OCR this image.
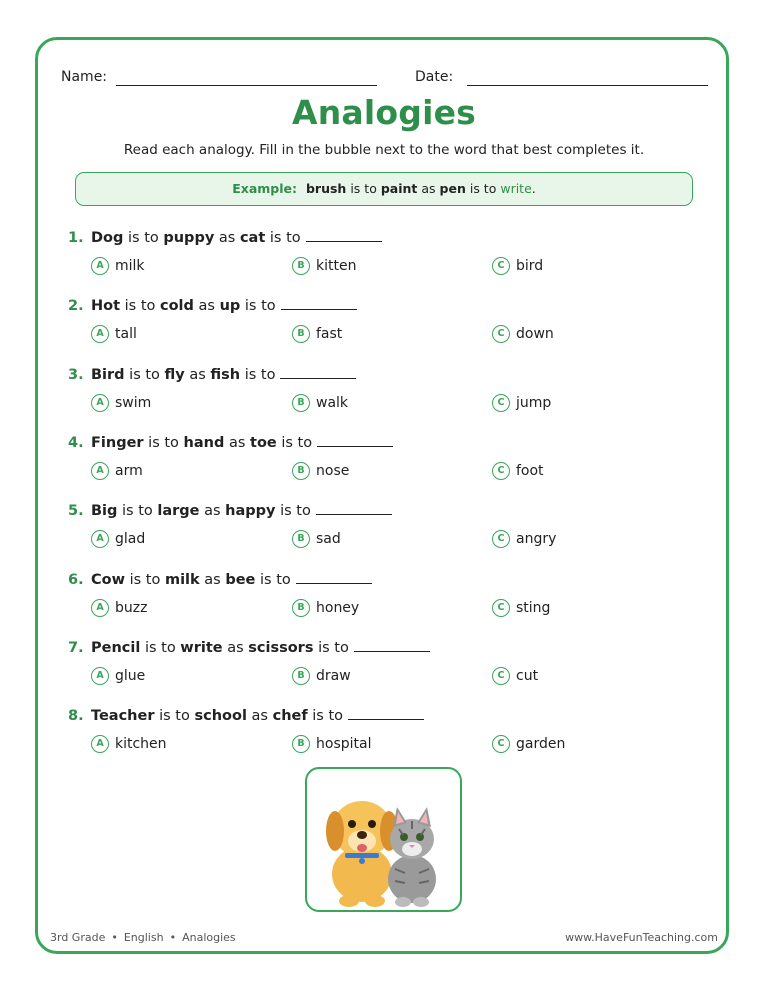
Name:	Date:
Analogies
Read each analogy. Fill in the bubble next to the word that best completes it.
Example: brush is to paint as pen is to write.
1. Dog is to puppy as cat is to
A milk	B kitten	C bird
2. Hot is to cold as up is to
A tall	B fast	C down
3. Bird is to fly as fish is to
A swim	B walk	C jump
4. Finger is to hand as toe is to
A arm	B nose	C foot
5. Big is to large as happy is to
A glad	B sad	C angry
6. Cow is to milk as bee is to
A buzz	B honey	C sting
7. Pencil is to write as scissors is to
A glue	B draw	C cut
8. Teacher is to school as chef is to
A kitchen	B hospital	C garden
3rd Grade • English • Analogies	www.HaveFunTeaching.com
